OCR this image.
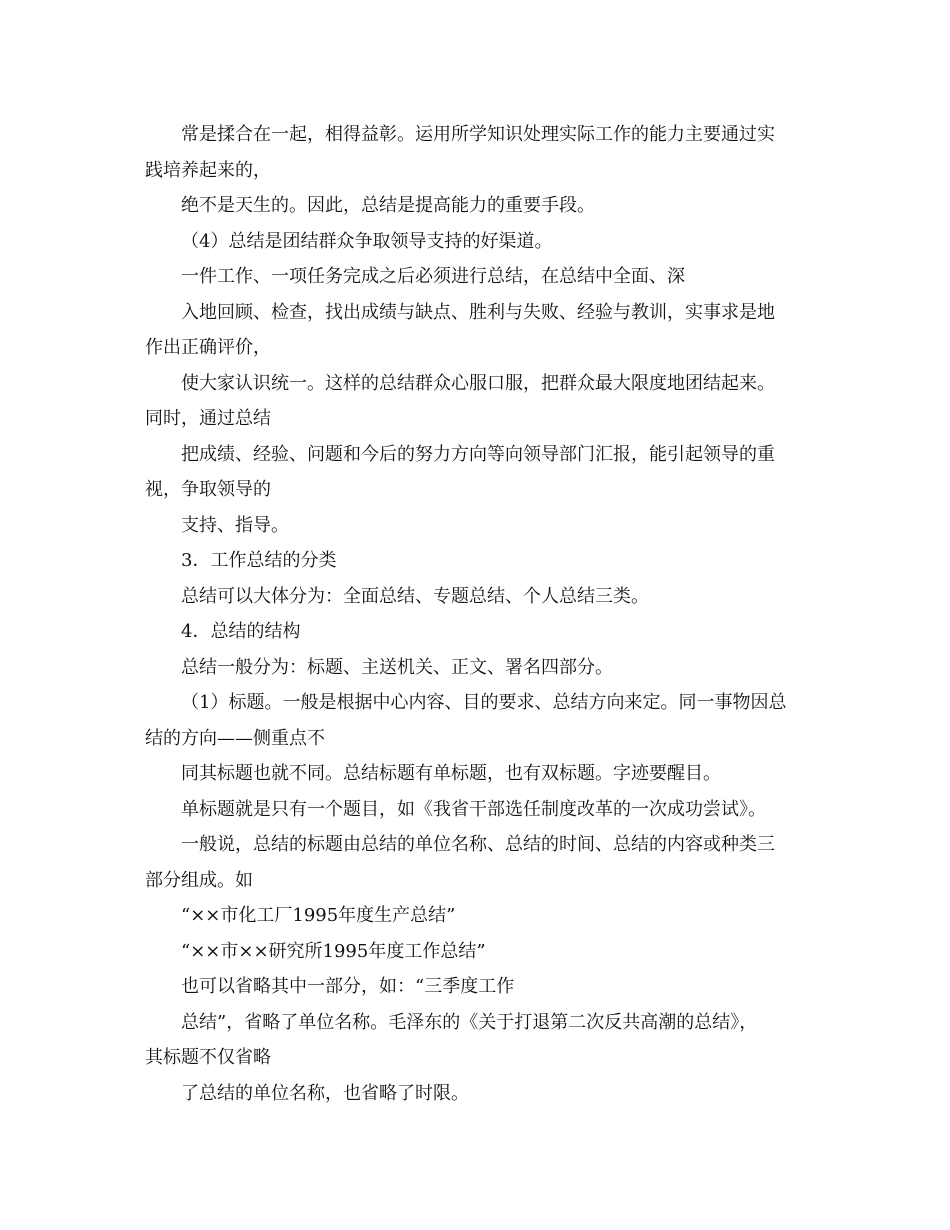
常是揉合在一起，相得益彰。运用所学知识处理实际工作的能力主要通过实

践培养起来的，

绝不是天生的。因此，总结是提高能力的重要手段。

（4）总结是团结群众争取领导支持的好渠道。

一件工作、一项任务完成之后必须进行总结，在总结中全面、深

入地回顾、检查，找出成绩与缺点、胜利与失败、经验与教训，实事求是地

作出正确评价，

使大家认识统一。这样的总结群众心服口服，把群众最大限度地团结起来。

同时，通过总结

把成绩、经验、问题和今后的努力方向等向领导部门汇报，能引起领导的重

视，争取领导的

支持、指导。

3．工作总结的分类

总结可以大体分为：全面总结、专题总结、个人总结三类。

4．总结的结构

总结一般分为：标题、主送机关、正文、署名四部分。

（1）标题。一般是根据中心内容、目的要求、总结方向来定。同一事物因总

结的方向——侧重点不

同其标题也就不同。总结标题有单标题，也有双标题。字迹要醒目。

单标题就是只有一个题目，如《我省干部选任制度改革的一次成功尝试》。

一般说，总结的标题由总结的单位名称、总结的时间、总结的内容或种类三

部分组成。如

“××市化工厂1995年度生产总结”

“××市××研究所1995年度工作总结”

也可以省略其中一部分，如：“三季度工作

总结”，省略了单位名称。毛泽东的《关于打退第二次反共高潮的总结》，

其标题不仅省略

了总结的单位名称，也省略了时限。
